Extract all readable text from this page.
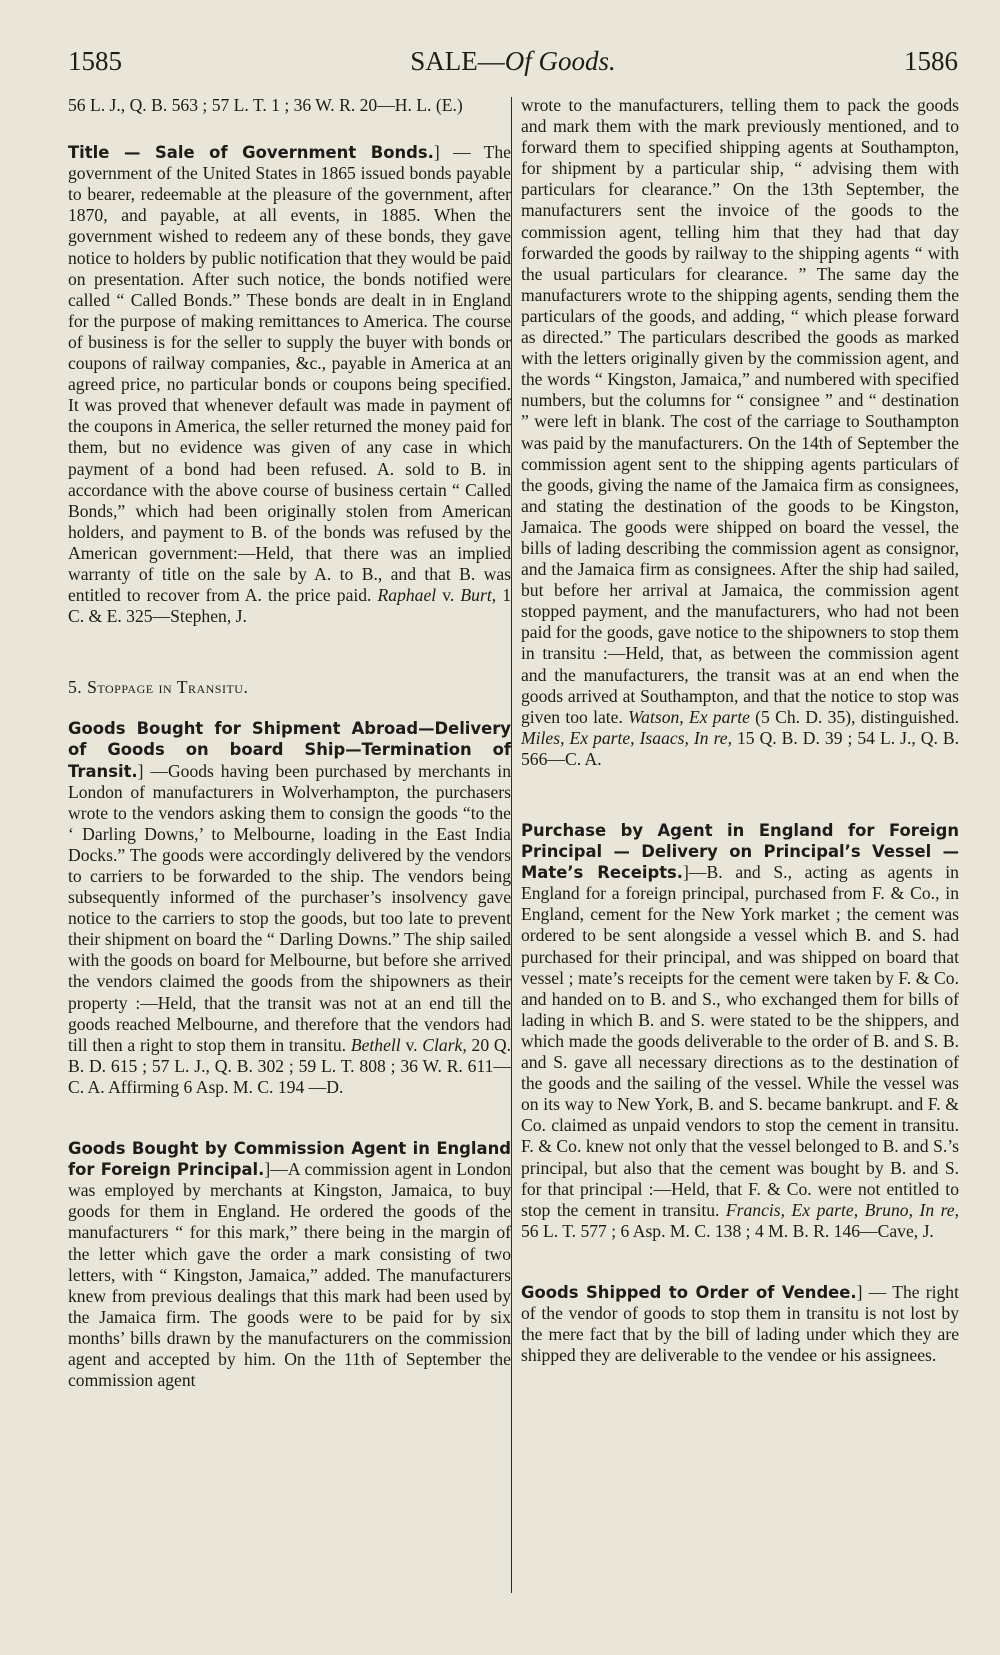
1585	SALE—Of Goods.	1586

56 L. J., Q. B. 563 ; 57 L. T. 1 ; 36 W. R. 20—H. L. (E.)

Title — Sale of Government Bonds.] — The government of the United States in 1865 issued bonds payable to bearer, redeemable at the pleasure of the government, after 1870, and payable, at all events, in 1885. When the government wished to redeem any of these bonds, they gave notice to holders by public notification that they would be paid on presentation. After such notice, the bonds notified were called “ Called Bonds.” These bonds are dealt in in England for the purpose of making remittances to America. The course of business is for the seller to supply the buyer with bonds or coupons of railway companies, &c., payable in America at an agreed price, no particular bonds or coupons being specified. It was proved that whenever default was made in payment of the coupons in America, the seller returned the money paid for them, but no evidence was given of any case in which payment of a bond had been refused. A. sold to B. in accordance with the above course of business certain “ Called Bonds,” which had been originally stolen from American holders, and payment to B. of the bonds was refused by the American government:—Held, that there was an implied warranty of title on the sale by A. to B., and that B. was entitled to recover from A. the price paid. Raphael v. Burt, 1 C. & E. 325—Stephen, J.

5. Stoppage in Transitu.

Goods Bought for Shipment Abroad—Delivery of Goods on board Ship—Termination of Transit.] —Goods having been purchased by merchants in London of manufacturers in Wolverhampton, the purchasers wrote to the vendors asking them to consign the goods “to the ‘ Darling Downs,’ to Melbourne, loading in the East India Docks.” The goods were accordingly delivered by the vendors to carriers to be forwarded to the ship. The vendors being subsequently informed of the purchaser’s insolvency gave notice to the carriers to stop the goods, but too late to prevent their shipment on board the “ Darling Downs.” The ship sailed with the goods on board for Melbourne, but before she arrived the vendors claimed the goods from the shipowners as their property :—Held, that the transit was not at an end till the goods reached Melbourne, and therefore that the vendors had till then a right to stop them in transitu. Bethell v. Clark, 20 Q. B. D. 615 ; 57 L. J., Q. B. 302 ; 59 L. T. 808 ; 36 W. R. 611—C. A. Affirming 6 Asp. M. C. 194 —D.

Goods Bought by Commission Agent in England for Foreign Principal.]—A commission agent in London was employed by merchants at Kingston, Jamaica, to buy goods for them in England. He ordered the goods of the manufacturers “ for this mark,” there being in the margin of the letter which gave the order a mark consisting of two letters, with “ Kingston, Jamaica,” added. The manufacturers knew from previous dealings that this mark had been used by the Jamaica firm. The goods were to be paid for by six months’ bills drawn by the manufacturers on the commission agent and accepted by him. On the 11th of September the commission agent

wrote to the manufacturers, telling them to pack the goods and mark them with the mark previously mentioned, and to forward them to specified shipping agents at Southampton, for shipment by a particular ship, “ advising them with particulars for clearance.” On the 13th September, the manufacturers sent the invoice of the goods to the commission agent, telling him that they had that day forwarded the goods by railway to the shipping agents “ with the usual particulars for clearance. ” The same day the manufacturers wrote to the shipping agents, sending them the particulars of the goods, and adding, “ which please forward as directed.” The particulars described the goods as marked with the letters originally given by the commission agent, and the words “ Kingston, Jamaica,” and numbered with specified numbers, but the columns for “ consignee ” and “ destination ” were left in blank. The cost of the carriage to Southampton was paid by the manufacturers. On the 14th of September the commission agent sent to the shipping agents particulars of the goods, giving the name of the Jamaica firm as consignees, and stating the destination of the goods to be Kingston, Jamaica. The goods were shipped on board the vessel, the bills of lading describing the commission agent as consignor, and the Jamaica firm as consignees. After the ship had sailed, but before her arrival at Jamaica, the commission agent stopped payment, and the manufacturers, who had not been paid for the goods, gave notice to the shipowners to stop them in transitu :—Held, that, as between the commission agent and the manufacturers, the transit was at an end when the goods arrived at Southampton, and that the notice to stop was given too late. Watson, Ex parte (5 Ch. D. 35), distinguished. Miles, Ex parte, Isaacs, In re, 15 Q. B. D. 39 ; 54 L. J., Q. B. 566—C. A.

Purchase by Agent in England for Foreign Principal — Delivery on Principal’s Vessel — Mate’s Receipts.]—B. and S., acting as agents in England for a foreign principal, purchased from F. & Co., in England, cement for the New York market ; the cement was ordered to be sent alongside a vessel which B. and S. had purchased for their principal, and was shipped on board that vessel ; mate’s receipts for the cement were taken by F. & Co. and handed on to B. and S., who exchanged them for bills of lading in which B. and S. were stated to be the shippers, and which made the goods deliverable to the order of B. and S. B. and S. gave all necessary directions as to the destination of the goods and the sailing of the vessel. While the vessel was on its way to New York, B. and S. became bankrupt. and F. & Co. claimed as unpaid vendors to stop the cement in transitu. F. & Co. knew not only that the vessel belonged to B. and S.’s principal, but also that the cement was bought by B. and S. for that principal :—Held, that F. & Co. were not entitled to stop the cement in transitu. Francis, Ex parte, Bruno, In re, 56 L. T. 577 ; 6 Asp. M. C. 138 ; 4 M. B. R. 146—Cave, J.

Goods Shipped to Order of Vendee.] — The right of the vendor of goods to stop them in transitu is not lost by the mere fact that by the bill of lading under which they are shipped they are deliverable to the vendee or his assignees.
